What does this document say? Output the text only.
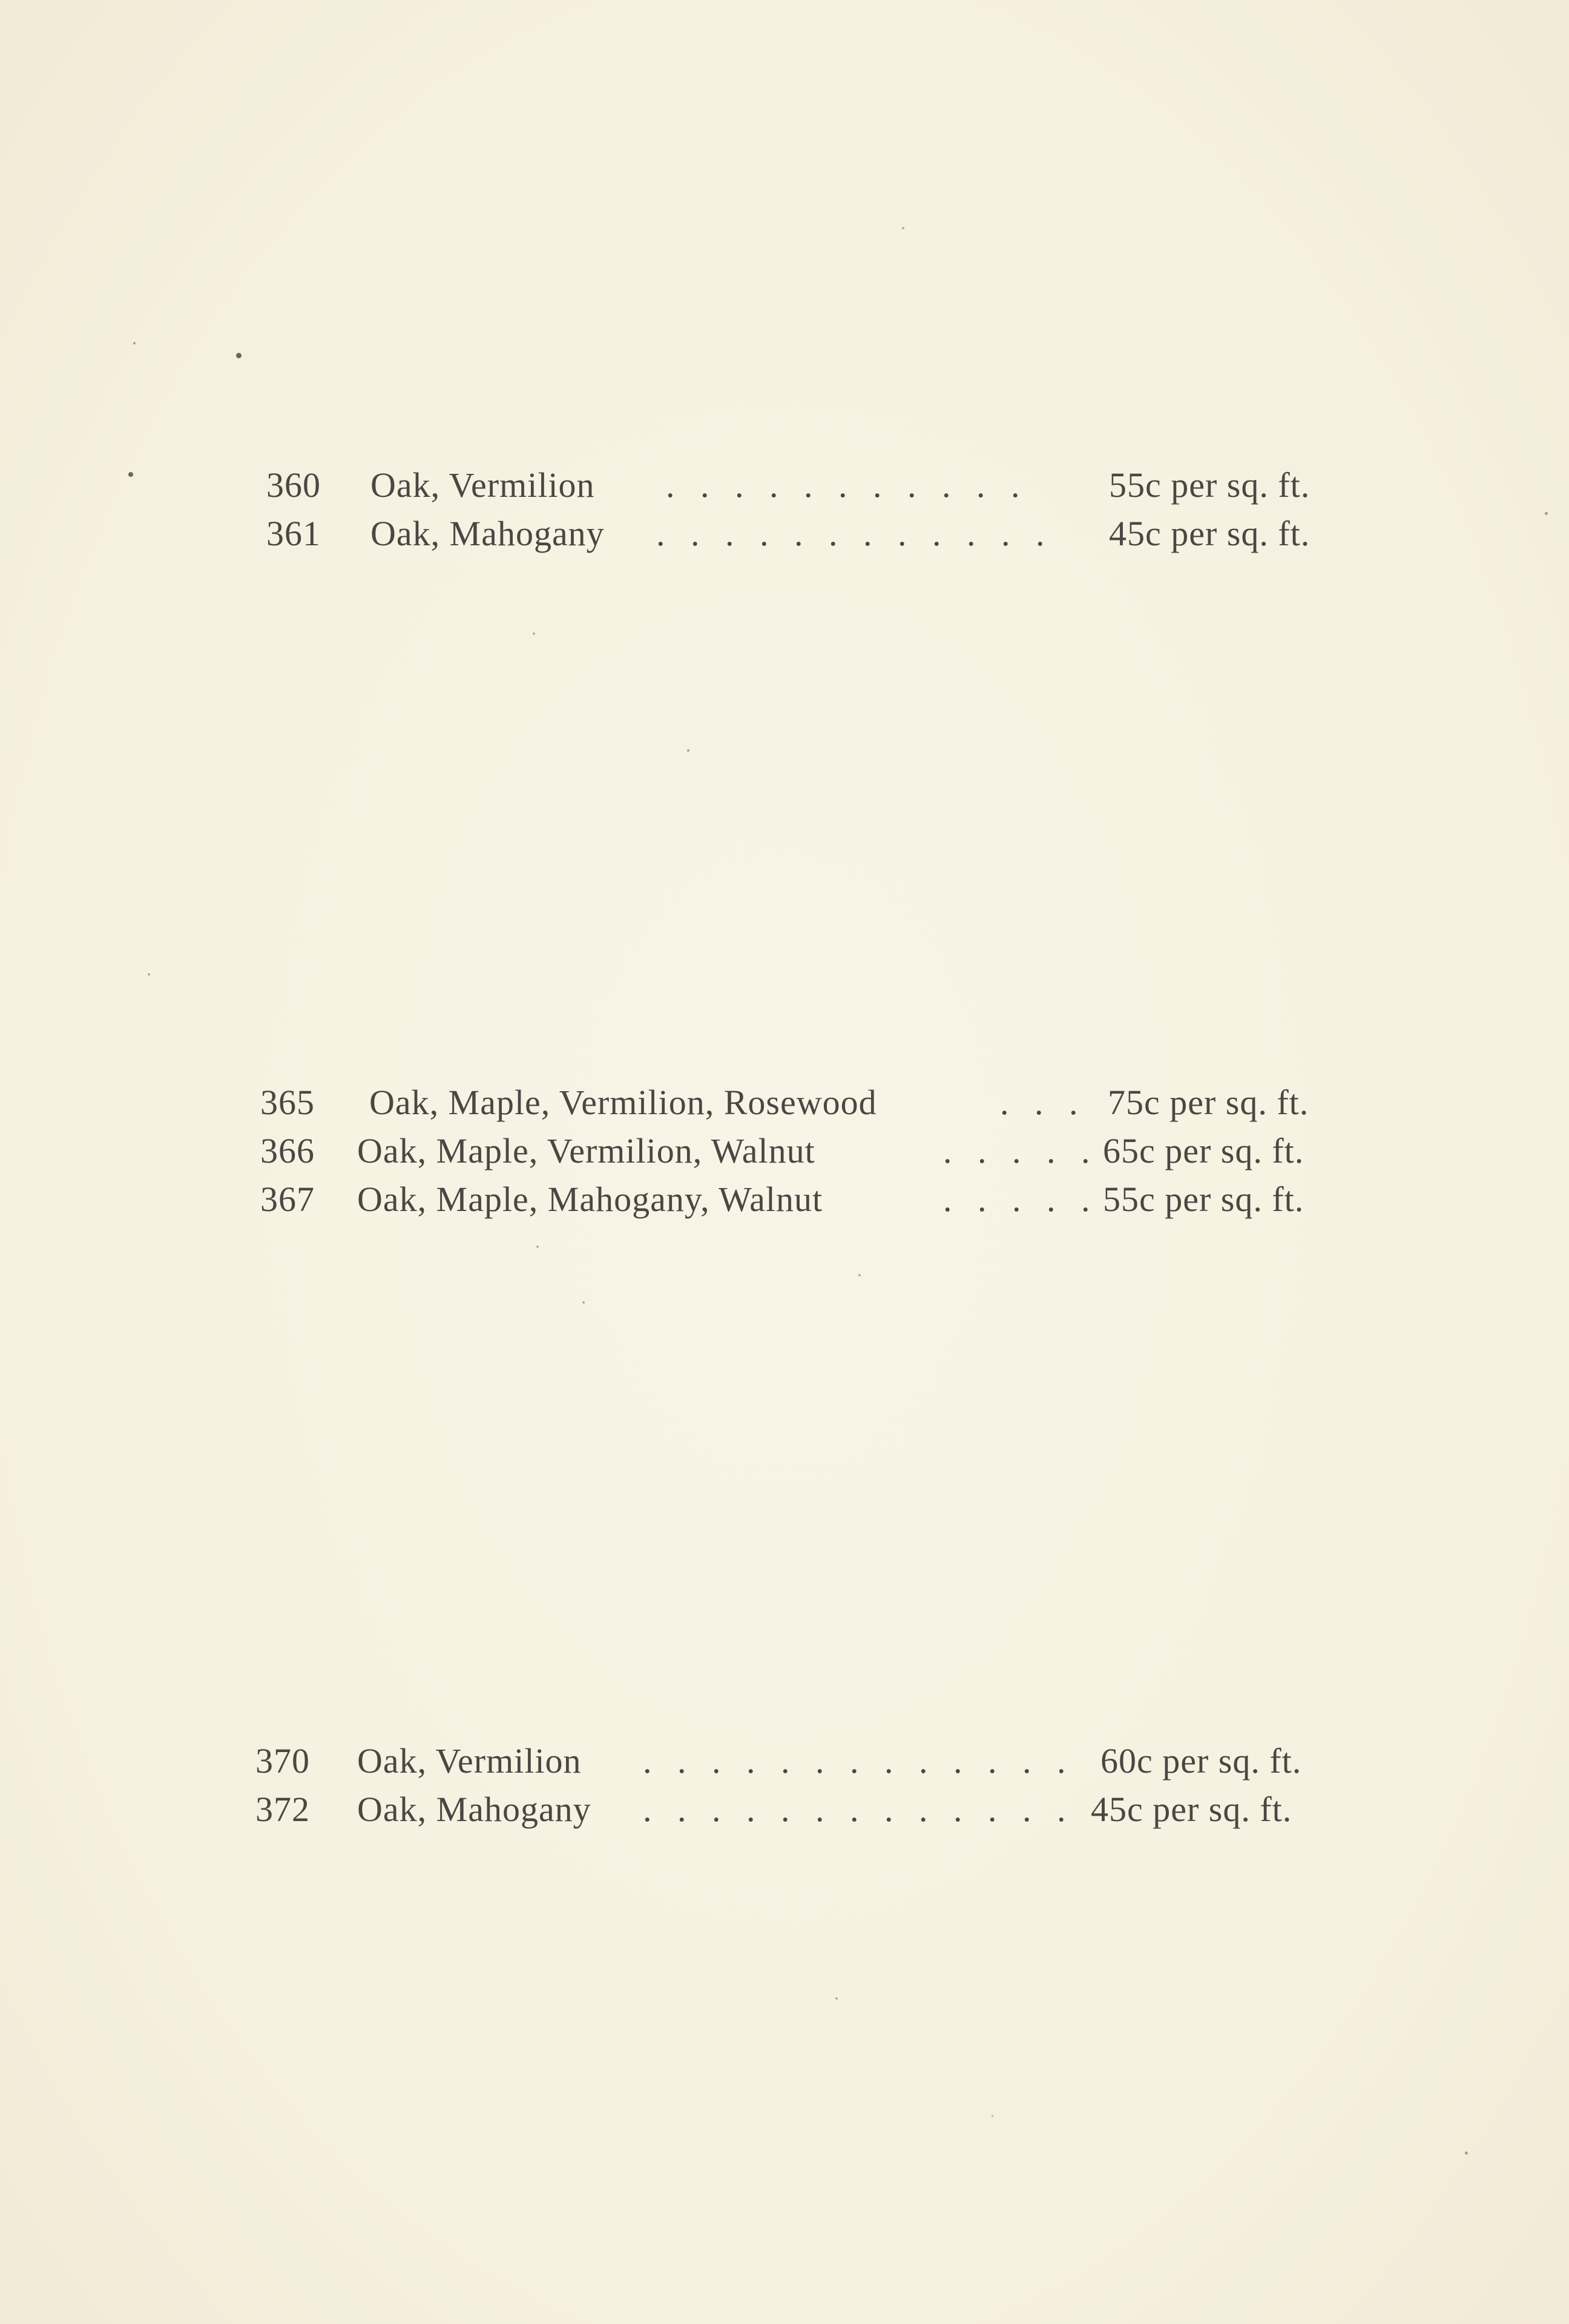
360 Oak, Vermilion . . . . . . . . . . .	55c per sq. ft.
361 Oak, Mahogany . . . . . . . . . . . .	45c per sq. ft.
365 Oak, Maple, Vermilion, Rosewood	. . . 75c per sq. ft.
366 Oak, Maple, Vermilion, Walnut	. . . . . 65c per sq. ft.
367 Oak, Maple, Mahogany, Walnut	. . . . . 55c per sq. ft.
370 Oak, Vermilion . . . . . . . . . . . . . 60c per sq. ft.
372 Oak, Mahogany . . . . . . . . . . . . . 45c per sq. ft.
